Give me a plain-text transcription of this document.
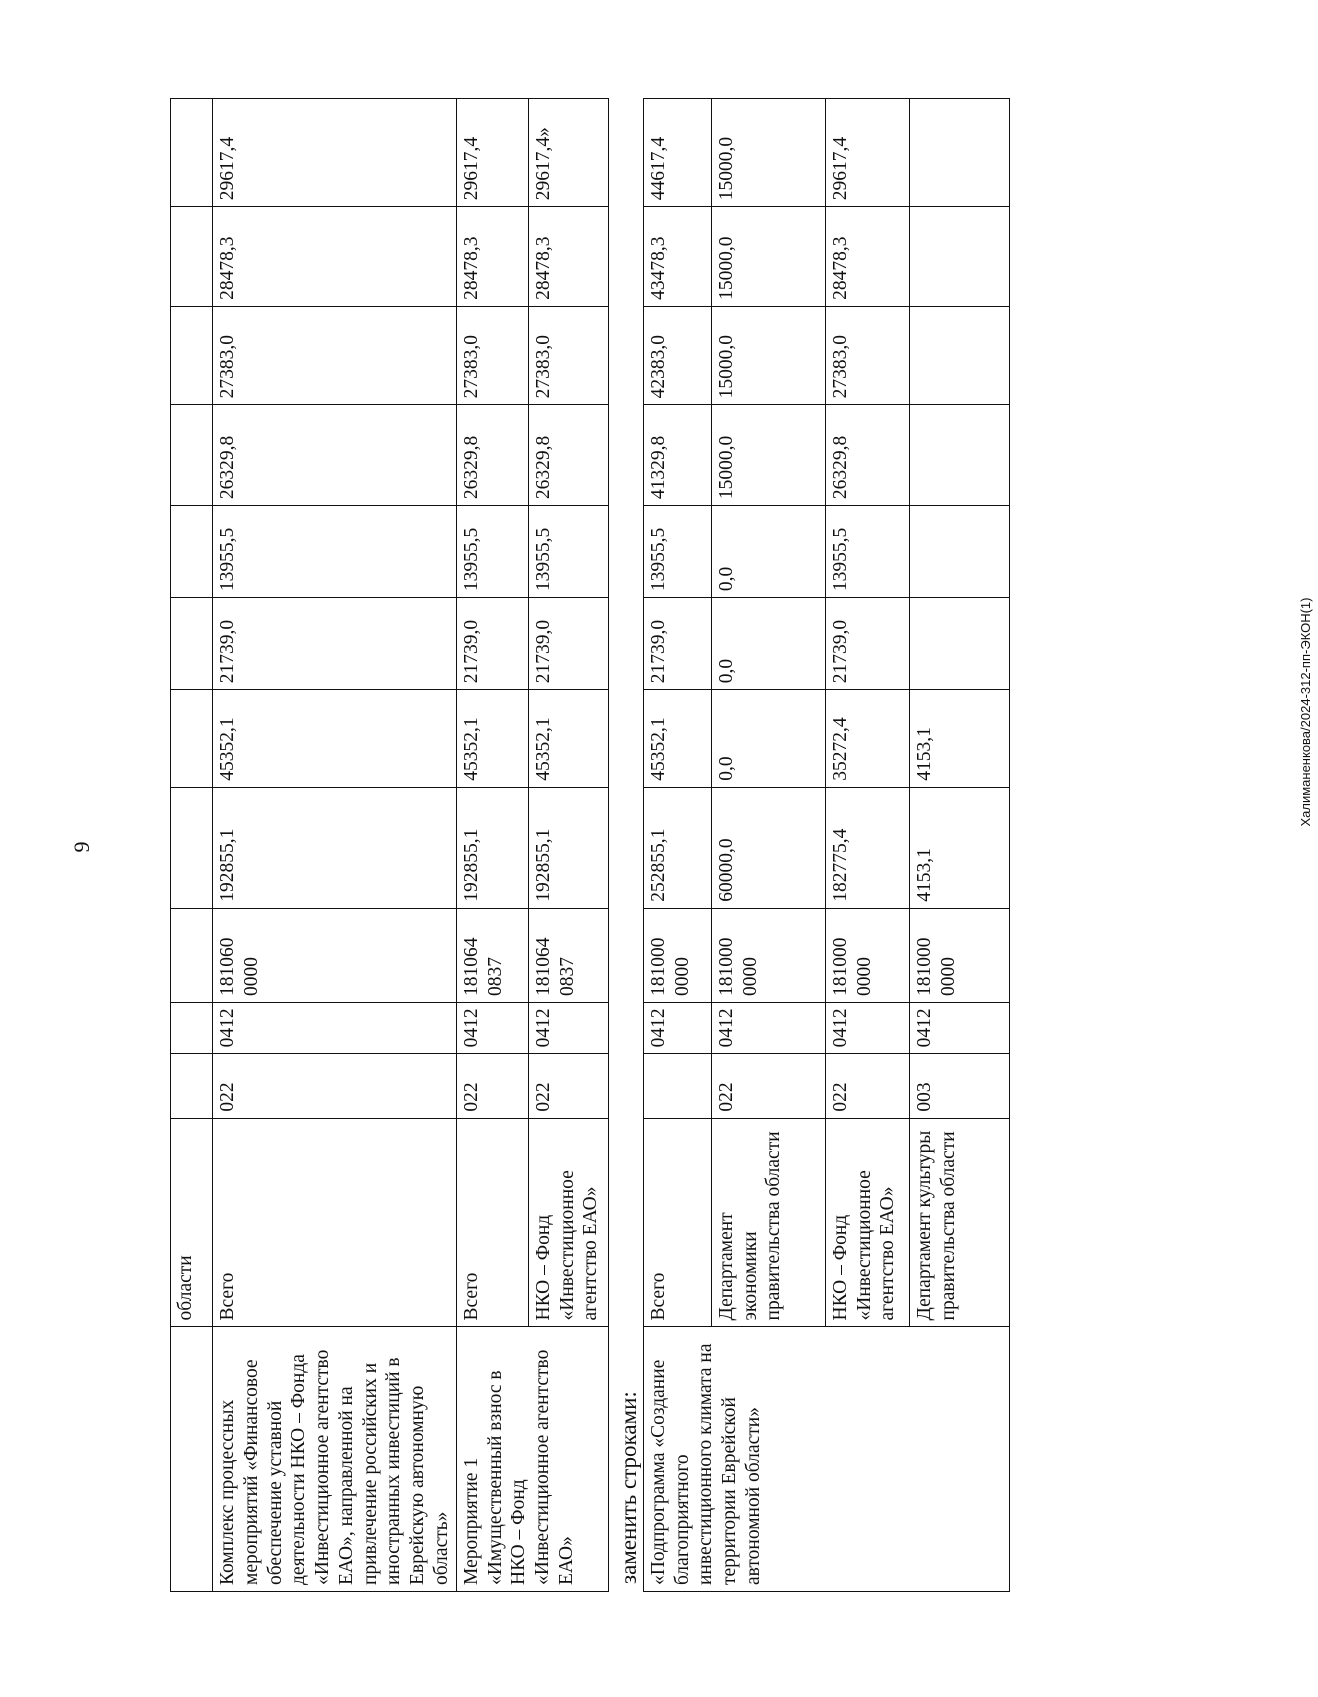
9
Халиманенкова/2024-312-пп-ЭКОН(1)
	области											
Комплекс процессных мероприятий «Финансовое обеспечение уставной деятельности НКО – Фонда «Инвестиционное агентство ЕАО», направленной на привлечение российских и иностранных инвестиций в Еврейскую автономную область»	Всего	022	0412	181060 0000	192855,1	45352,1	21739,0	13955,5	26329,8	27383,0	28478,3	29617,4
Мероприятие 1 «Имущественный взнос в НКО – Фонд «Инвестиционное агентство ЕАО»	Всего	022	0412	181064 0837	192855,1	45352,1	21739,0	13955,5	26329,8	27383,0	28478,3	29617,4
	НКО – Фонд «Инвестиционное агентство ЕАО»	022	0412	181064 0837	192855,1	45352,1	21739,0	13955,5	26329,8	27383,0	28478,3	29617,4»
заменить строками: «Подпрограмма «Создание благоприятного инвестиционного климата на территории Еврейской автономной области»	Всего		0412	181000 0000	252855,1	45352,1	21739,0	13955,5	41329,8	42383,0	43478,3	44617,4
	Департамент экономики правительства области	022	0412	181000 0000	60000,0	0,0	0,0	0,0	15000,0	15000,0	15000,0	15000,0
	НКО – Фонд «Инвестиционное агентство ЕАО»	022	0412	181000 0000	182775,4	35272,4	21739,0	13955,5	26329,8	27383,0	28478,3	29617,4
	Департамент культуры правительства области	003	0412	181000 0000	4153,1	4153,1						
